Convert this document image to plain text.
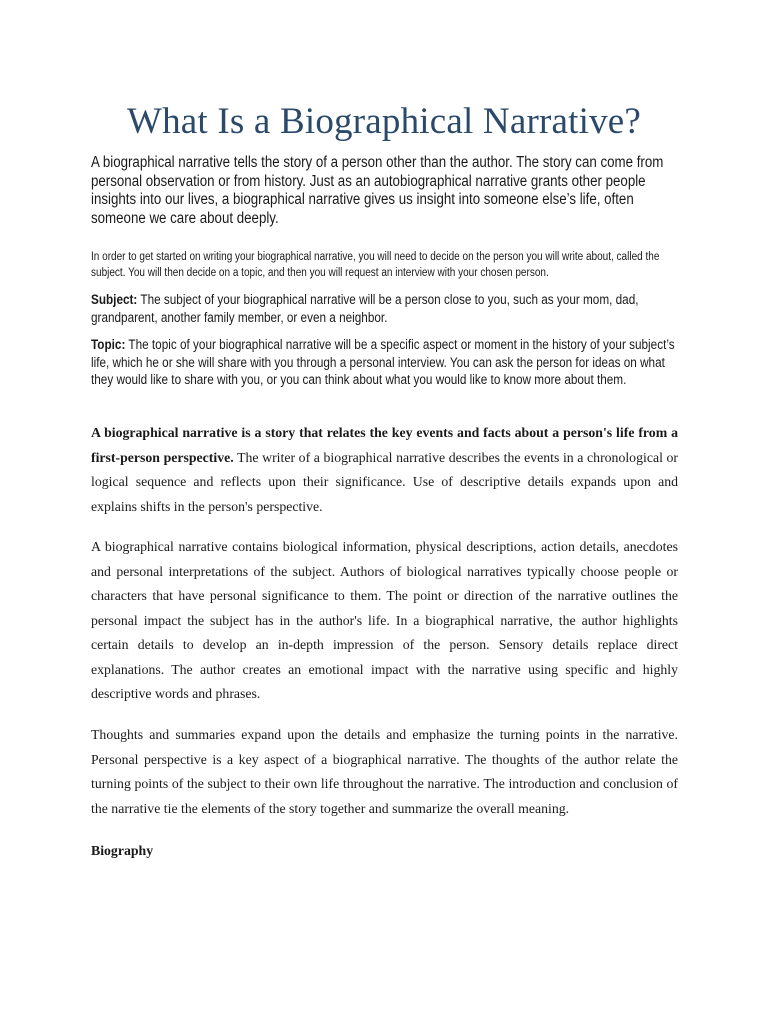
What Is a Biographical Narrative?
A biographical narrative tells the story of a person other than the author. The story can come from personal observation or from history. Just as an autobiographical narrative grants other people insights into our lives, a biographical narrative gives us insight into someone else’s life, often someone we care about deeply.
In order to get started on writing your biographical narrative, you will need to decide on the person you will write about, called the subject. You will then decide on a topic, and then you will request an interview with your chosen person.
Subject: The subject of your biographical narrative will be a person close to you, such as your mom, dad, grandparent, another family member, or even a neighbor.
Topic: The topic of your biographical narrative will be a specific aspect or moment in the history of your subject’s life, which he or she will share with you through a personal interview. You can ask the person for ideas on what they would like to share with you, or you can think about what you would like to know more about them.
A biographical narrative is a story that relates the key events and facts about a person's life from a first-person perspective. The writer of a biographical narrative describes the events in a chronological or logical sequence and reflects upon their significance. Use of descriptive details expands upon and explains shifts in the person's perspective.
A biographical narrative contains biological information, physical descriptions, action details, anecdotes and personal interpretations of the subject. Authors of biological narratives typically choose people or characters that have personal significance to them. The point or direction of the narrative outlines the personal impact the subject has in the author's life. In a biographical narrative, the author highlights certain details to develop an in-depth impression of the person. Sensory details replace direct explanations. The author creates an emotional impact with the narrative using specific and highly descriptive words and phrases.
Thoughts and summaries expand upon the details and emphasize the turning points in the narrative. Personal perspective is a key aspect of a biographical narrative. The thoughts of the author relate the turning points of the subject to their own life throughout the narrative. The introduction and conclusion of the narrative tie the elements of the story together and summarize the overall meaning.
Biography
